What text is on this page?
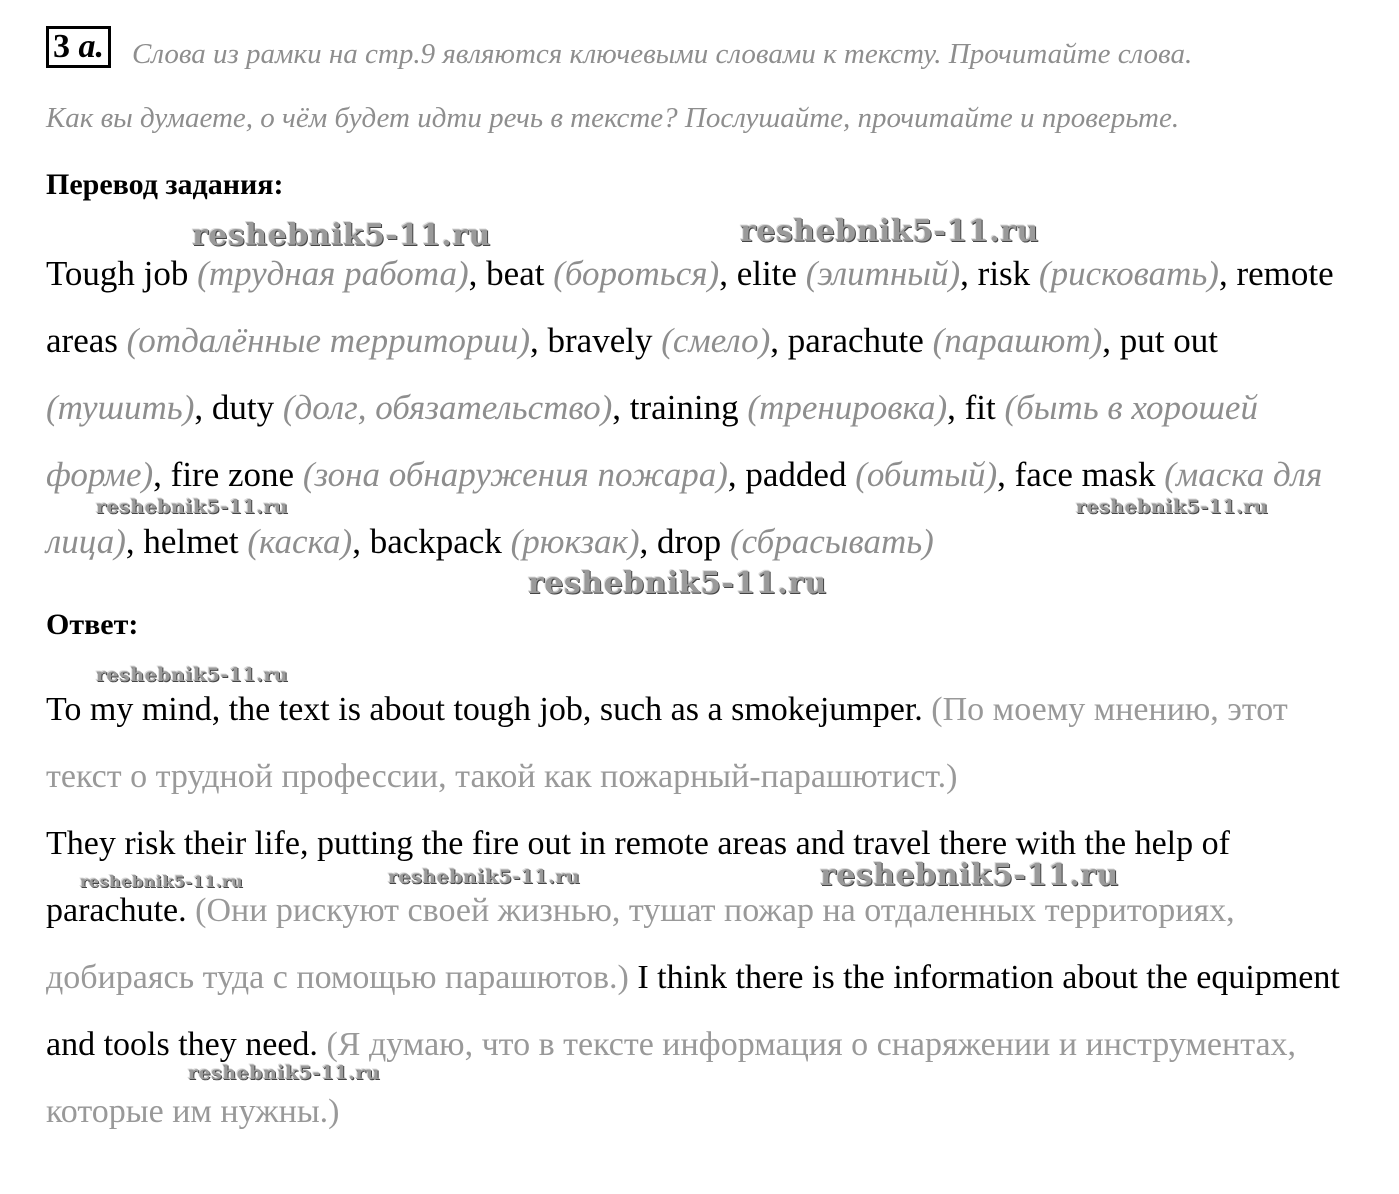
3 a. Слова из рамки на стр.9 являются ключевыми словами к тексту. Прочитайте слова.
Как вы думаете, о чём будет идти речь в тексте? Послушайте, прочитайте и проверьте.
Перевод задания:
Tough job (трудная работа), beat (бороться), elite (элитный), risk (рисковать), remote areas (отдалённые территории), bravely (смело), parachute (парашют), put out (тушить), duty (долг, обязательство), training (тренировка), fit (быть в хорошей форме), fire zone (зона обнаружения пожара), padded (обитый), face mask (маска для лица), helmet (каска), backpack (рюкзак), drop (сбрасывать)
Ответ:
To my mind, the text is about tough job, such as a smokejumper. (По моему мнению, этот текст о трудной профессии, такой как пожарный-парашютист.)
They risk their life, putting the fire out in remote areas and travel there with the help of parachute. (Они рискуют своей жизнью, тушат пожар на отдаленных территориях, добираясь туда с помощью парашютов.) I think there is the information about the equipment and tools they need. (Я думаю, что в тексте информация о снаряжении и инструментах, которые им нужны.)
reshebnik5-11.ru	reshebnik5-11.ru
reshebnik5-11.ru	reshebnik5-11.ru
reshebnik5-11.ru
reshebnik5-11.ru
reshebnik5-11.ru	reshebnik5-11.ru	reshebnik5-11.ru
reshebnik5-11.ru
